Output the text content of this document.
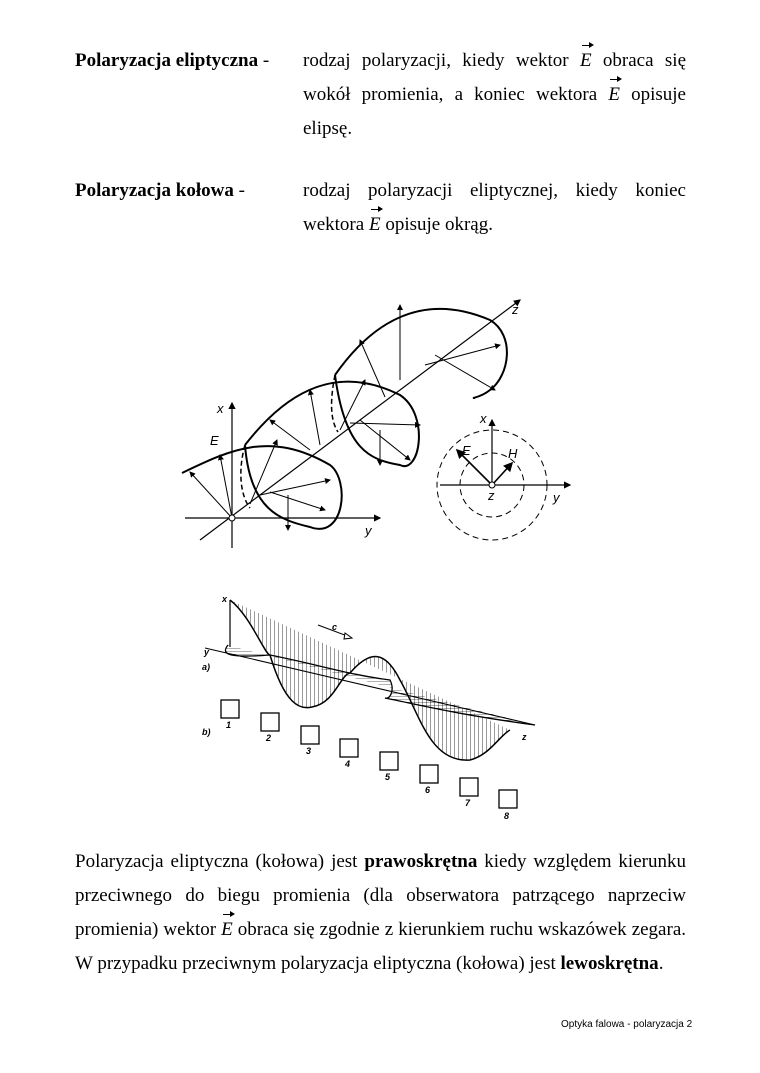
Polaryzacja eliptyczna - rodzaj polaryzacji, kiedy wektor E obraca się wokół promienia, a koniec wektora E opisuje elipsę.
Polaryzacja kołowa -	rodzaj polaryzacji eliptycznej, kiedy koniec wektora E opisuje okrąg.
x
y
z
E
x
y
z
E	H
x
y
z
c
a)
b)
1
2
3
4
5
6
7
8
Polaryzacja eliptyczna (kołowa) jest prawoskrętna kiedy względem kierunku przeciwnego do biegu promienia (dla obserwatora patrzącego naprzeciw promienia) wektor E obraca się zgodnie z kierunkiem ruchu wskazówek zegara. W przypadku przeciwnym polaryzacja eliptyczna (kołowa) jest lewoskrętna.
Optyka falowa - polaryzacja 2
